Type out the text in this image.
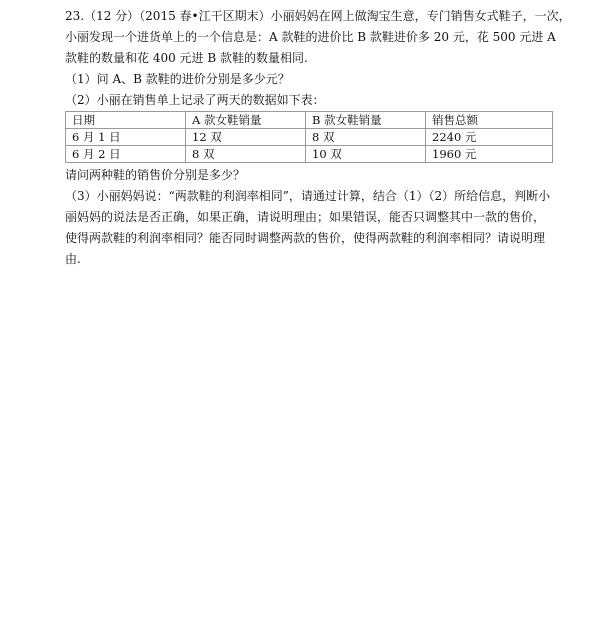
23.（12 分）（2015 春•江干区期末）小丽妈妈在网上做淘宝生意，专门销售女式鞋子，一次，
小丽发现一个进货单上的一个信息是：A 款鞋的进价比 B 款鞋进价多 20 元，花 500 元进 A
款鞋的数量和花 400 元进 B 款鞋的数量相同.
（1）问 A、B 款鞋的进价分别是多少元？
（2）小丽在销售单上记录了两天的数据如下表：
日期	A 款女鞋销量	B 款女鞋销量	销售总额
6 月 1 日	12 双	8 双	2240 元
6 月 2 日	8 双	10 双	1960 元
请问两种鞋的销售价分别是多少？
（3）小丽妈妈说：“两款鞋的利润率相同”，请通过计算，结合（1）（2）所给信息，判断小
丽妈妈的说法是否正确，如果正确，请说明理由；如果错误，能否只调整其中一款的售价，
使得两款鞋的利润率相同？能否同时调整两款的售价，使得两款鞋的利润率相同？请说明理
由.
